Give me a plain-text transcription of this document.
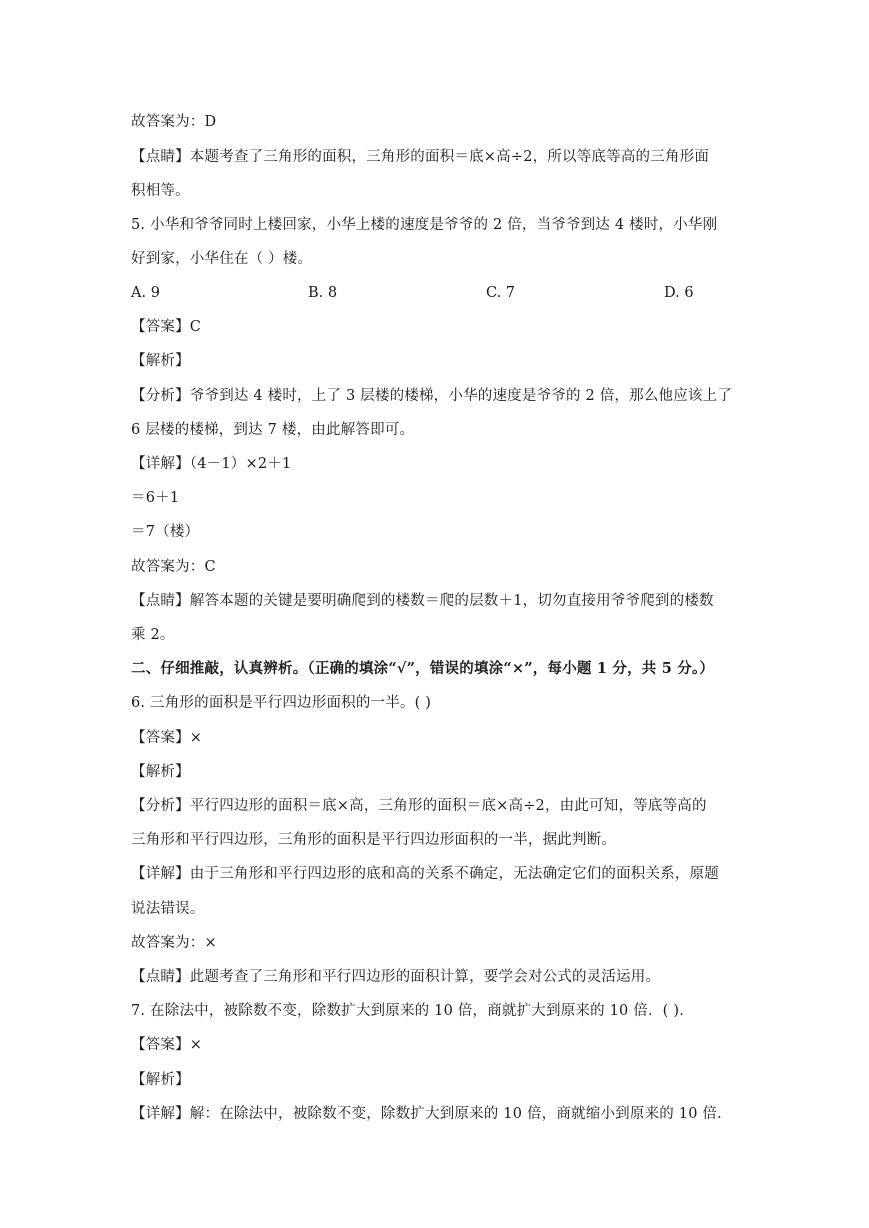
故答案为：D
【点睛】本题考查了三角形的面积，三角形的面积＝底×高÷2，所以等底等高的三角形面
积相等。
5. 小华和爷爷同时上楼回家，小华上楼的速度是爷爷的 2 倍，当爷爷到达 4 楼时，小华刚
好到家，小华住在（ ）楼。
A. 9	B. 8	C. 7	D. 6
【答案】C
【解析】
【分析】爷爷到达 4 楼时，上了 3 层楼的楼梯，小华的速度是爷爷的 2 倍，那么他应该上了
6 层楼的楼梯，到达 7 楼，由此解答即可。
【详解】（4－1）×2＋1
＝6＋1
＝7（楼）
故答案为：C
【点睛】解答本题的关键是要明确爬到的楼数＝爬的层数＋1，切勿直接用爷爷爬到的楼数
乘 2。
二、仔细推敲，认真辨析。（正确的填涂“√”，错误的填涂“×”，每小题 1 分，共 5 分。）
6. 三角形的面积是平行四边形面积的一半。( )
【答案】×
【解析】
【分析】平行四边形的面积＝底×高，三角形的面积＝底×高÷2，由此可知，等底等高的
三角形和平行四边形，三角形的面积是平行四边形面积的一半，据此判断。
【详解】由于三角形和平行四边形的底和高的关系不确定，无法确定它们的面积关系，原题
说法错误。
故答案为：×
【点睛】此题考查了三角形和平行四边形的面积计算，要学会对公式的灵活运用。
7. 在除法中，被除数不变，除数扩大到原来的 10 倍，商就扩大到原来的 10 倍．( )．
【答案】×
【解析】
【详解】解：在除法中，被除数不变，除数扩大到原来的 10 倍，商就缩小到原来的 10 倍．
